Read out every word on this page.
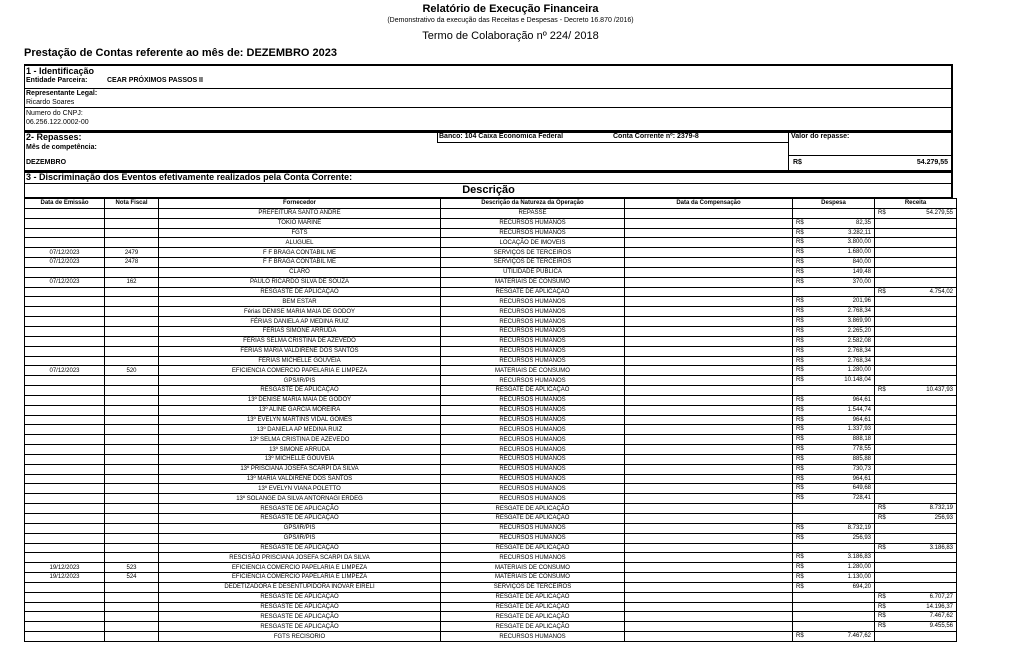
Relatório de Execução Financeira
(Demonstrativo da execução das Receitas e Despesas - Decreto 16.870 /2016)
Termo de Colaboração nº 224/ 2018
Prestação de Contas referente ao mês de: DEZEMBRO 2023
1 - Identificação
Entidade Parceira:	CEAR PRÓXIMOS PASSOS II
Representante Legal:
Ricardo Soares
Numero do CNPJ:
06.256.122.0002-00
2- Repasses:
Mês de competência:
DEZEMBRO
Banco: 104 Caixa Economica Federal	Conta Corrente nº: 2379-8	Valor do repasse:
R$	54.279,55
3 - Discriminação dos Eventos efetivamente realizados pela Conta Corrente:
Descrição
Data de Emissão	Nota Fiscal	Fornecedor	Descrição da Natureza da Operação	Data da Compensação	Despesa	Receita
		PREFEITURA SANTO ANDRE	REPASSE			R$ 54.279,55

		TOKIO MARINE	RECURSOS HUMANOS		R$ 82,35	

		FGTS	RECURSOS HUMANOS		R$ 3.282,11	

		ALUGUEL	LOCAÇÃO DE IMOVEIS		R$ 3.800,00	

07/12/2023	2479	F F BRAGA CONTABIL ME	SERVIÇOS DE TERCEIROS		R$ 1.680,00	

07/12/2023	2478	F F BRAGA CONTABIL ME	SERVIÇOS DE TERCEIROS		R$ 840,00	

		CLARO	UTILIDADE PUBLICA		R$ 149,48	

07/12/2023	162	PAULO RICARDO SILVA DE SOUZA	MATERIAIS DE CONSUMO		R$ 370,00	

		RESGASTE DE APLICAÇÃO	RESGATE DE APLICAÇÃO			R$ 4.754,02

		BEM ESTAR	RECURSOS HUMANOS		R$ 201,96	

		Férias DENISE MARIA MAIA DE GODOY	RECURSOS HUMANOS		R$ 2.768,34	

		FÉRIAS DANIELA AP MEDINA RUIZ	RECURSOS HUMANOS		R$ 3.869,90	

		FÉRIAS SIMONE ARRUDA	RECURSOS HUMANOS		R$ 2.265,20	

		FÉRIAS SELMA CRISTINA DE AZEVEDO	RECURSOS HUMANOS		R$ 2.582,08	

		FÉRIAS MARIA VALDIRENE DOS SANTOS	RECURSOS HUMANOS		R$ 2.768,34	

		FÉRIAS MICHELLE GOUVEIA	RECURSOS HUMANOS		R$ 2.768,34	

07/12/2023	520	EFICIENCIA COMERCIO PAPELARIA E LIMPEZA	MATERIAIS DE CONSUMO		R$ 1.280,00	

		GPS/IR/PIS	RECURSOS HUMANOS		R$ 10.148,04	

		RESGASTE DE APLICAÇÃO	RESGATE DE APLICAÇÃO			R$ 10.437,93

		13º DENISE MARIA MAIA DE GODOY	RECURSOS HUMANOS		R$ 964,61	

		13º ALINE GARCIA MOREIRA	RECURSOS HUMANOS		R$ 1.544,74	

		13º EVELYN MARTINS VIDAL GOMES	RECURSOS HUMANOS		R$ 964,61	

		13º DANIELA AP MEDINA RUIZ	RECURSOS HUMANOS		R$ 1.337,93	

		13º SELMA CRISTINA DE AZEVEDO	RECURSOS HUMANOS		R$ 888,18	

		13º SIMONE ARRUDA	RECURSOS HUMANOS		R$ 778,55	

		13º MICHELLE GOUVEIA	RECURSOS HUMANOS		R$ 885,88	

		13º PRISCIANA JOSEFA SCARPI DA SILVA	RECURSOS HUMANOS		R$ 730,73	

		13º MARIA VALDIRENE DOS SANTOS	RECURSOS HUMANOS		R$ 964,61	

		13º EVELYN VIANA POLETTO	RECURSOS HUMANOS		R$ 649,68	

		13º SOLANGE DA SILVA ANTORNAGI ERDEG	RECURSOS HUMANOS		R$ 728,41	

		RESGASTE DE APLICAÇÃO	RESGATE DE APLICAÇÃO			R$ 8.732,19

		RESGASTE DE APLICAÇÃO	RESGATE DE APLICAÇÃO			R$ 256,93

		GPS/IR/PIS	RECURSOS HUMANOS		R$ 8.732,19	

		GPS/IR/PIS	RECURSOS HUMANOS		R$ 256,93	

		RESGASTE DE APLICAÇÃO	RESGATE DE APLICAÇÃO			R$ 3.186,83

		RESCISÃO PRISCIANA JOSEFA SCARPI DA SILVA	RECURSOS HUMANOS		R$ 3.186,83	

19/12/2023	523	EFICIENCIA COMERCIO PAPELARIA E LIMPEZA	MATERIAIS DE CONSUMO		R$ 1.280,00	

19/12/2023	524	EFICIENCIA COMERCIO PAPELARIA E LIMPEZA	MATERIAIS DE CONSUMO		R$ 1.130,00	

		DEDETIZADORA E DESENTUPIDORA INOVAR EIRELI	SERVIÇOS DE TERCEIROS		R$ 694,20	

		RESGASTE DE APLICAÇÃO	RESGATE DE APLICAÇÃO			R$ 6.707,27

		RESGASTE DE APLICAÇÃO	RESGATE DE APLICAÇÃO			R$ 14.196,37

		RESGASTE DE APLICAÇÃO	RESGATE DE APLICAÇÃO			R$ 7.467,62

		RESGASTE DE APLICAÇÃO	RESGATE DE APLICAÇÃO			R$ 9.455,56

		FGTS RECISORIO	RECURSOS HUMANOS		R$ 7.467,62	
